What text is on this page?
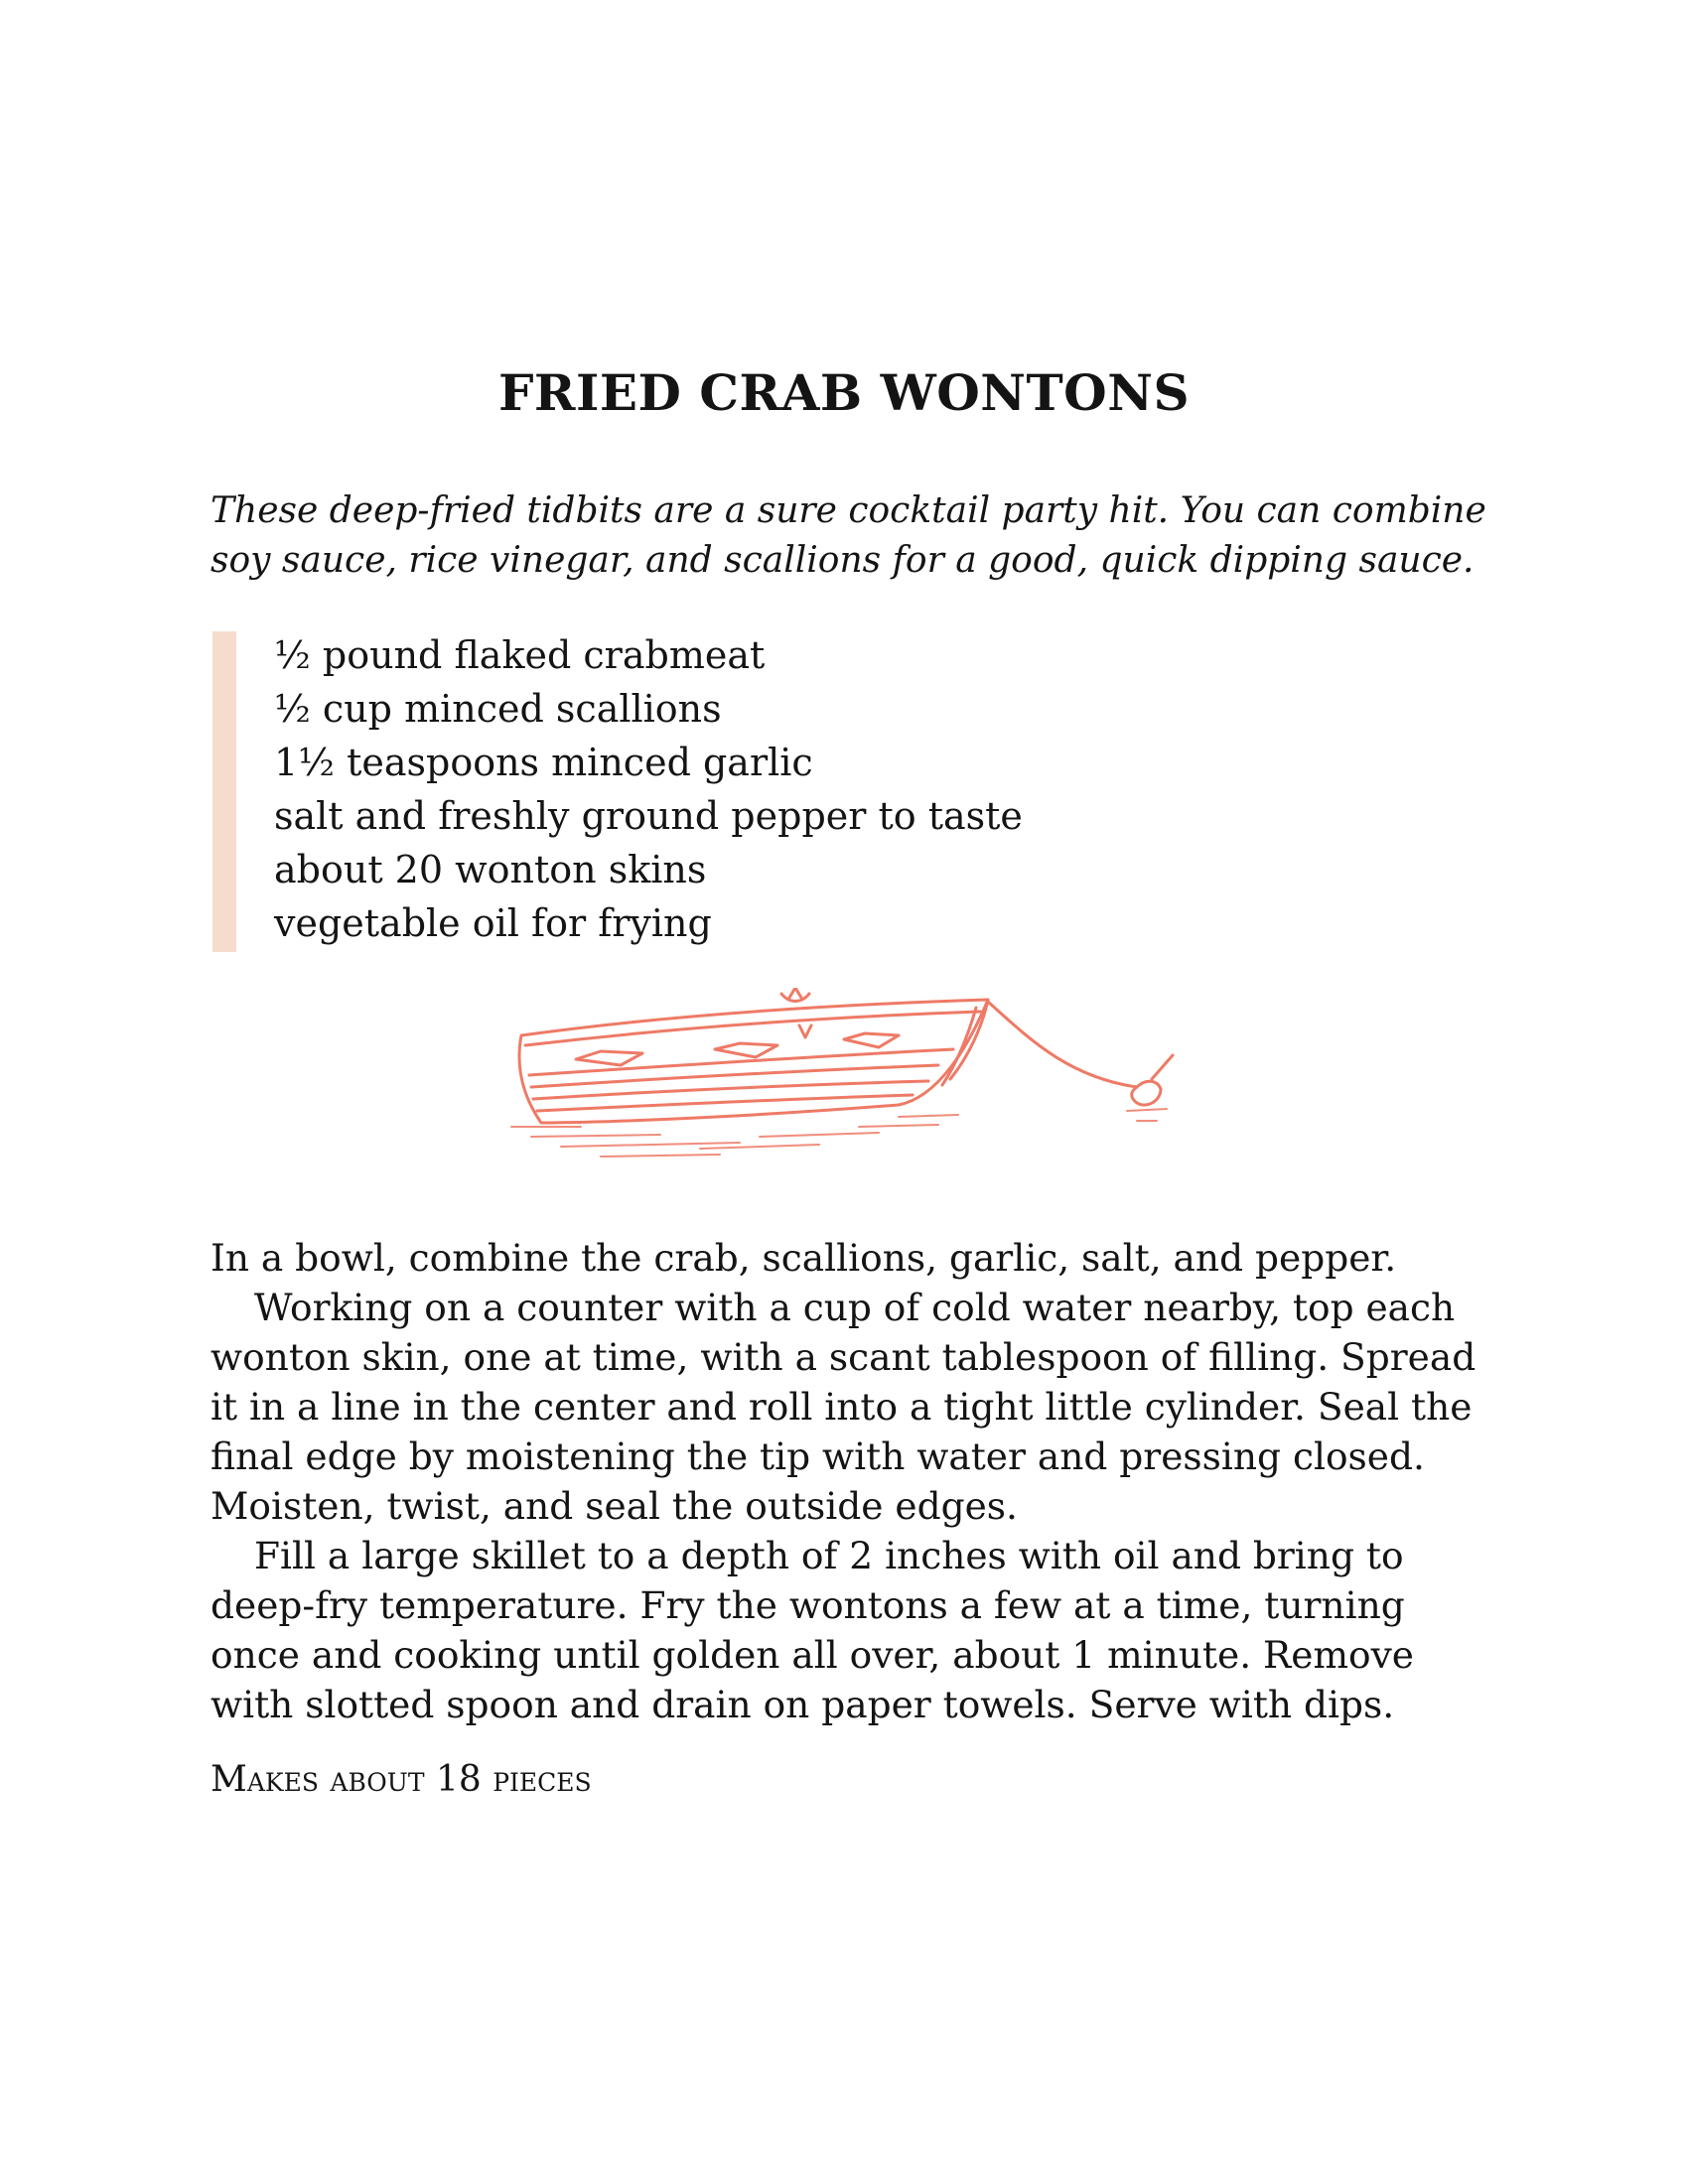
FRIED CRAB WONTONS

These deep-fried tidbits are a sure cocktail party hit. You can combine
soy sauce, rice vinegar, and scallions for a good, quick dipping sauce.

½ pound flaked crabmeat
½ cup minced scallions
1½ teaspoons minced garlic
salt and freshly ground pepper to taste
about 20 wonton skins
vegetable oil for frying

In a bowl, combine the crab, scallions, garlic, salt, and pepper.

Working on a counter with a cup of cold water nearby, top each wonton skin, one at time, with a scant tablespoon of filling. Spread it in a line in the center and roll into a tight little cylinder. Seal the final edge by moistening the tip with water and pressing closed. Moisten, twist, and seal the outside edges.

Fill a large skillet to a depth of 2 inches with oil and bring to deep-fry temperature. Fry the wontons a few at a time, turning once and cooking until golden all over, about 1 minute. Remove with slotted spoon and drain on paper towels. Serve with dips.

Makes about 18 pieces
